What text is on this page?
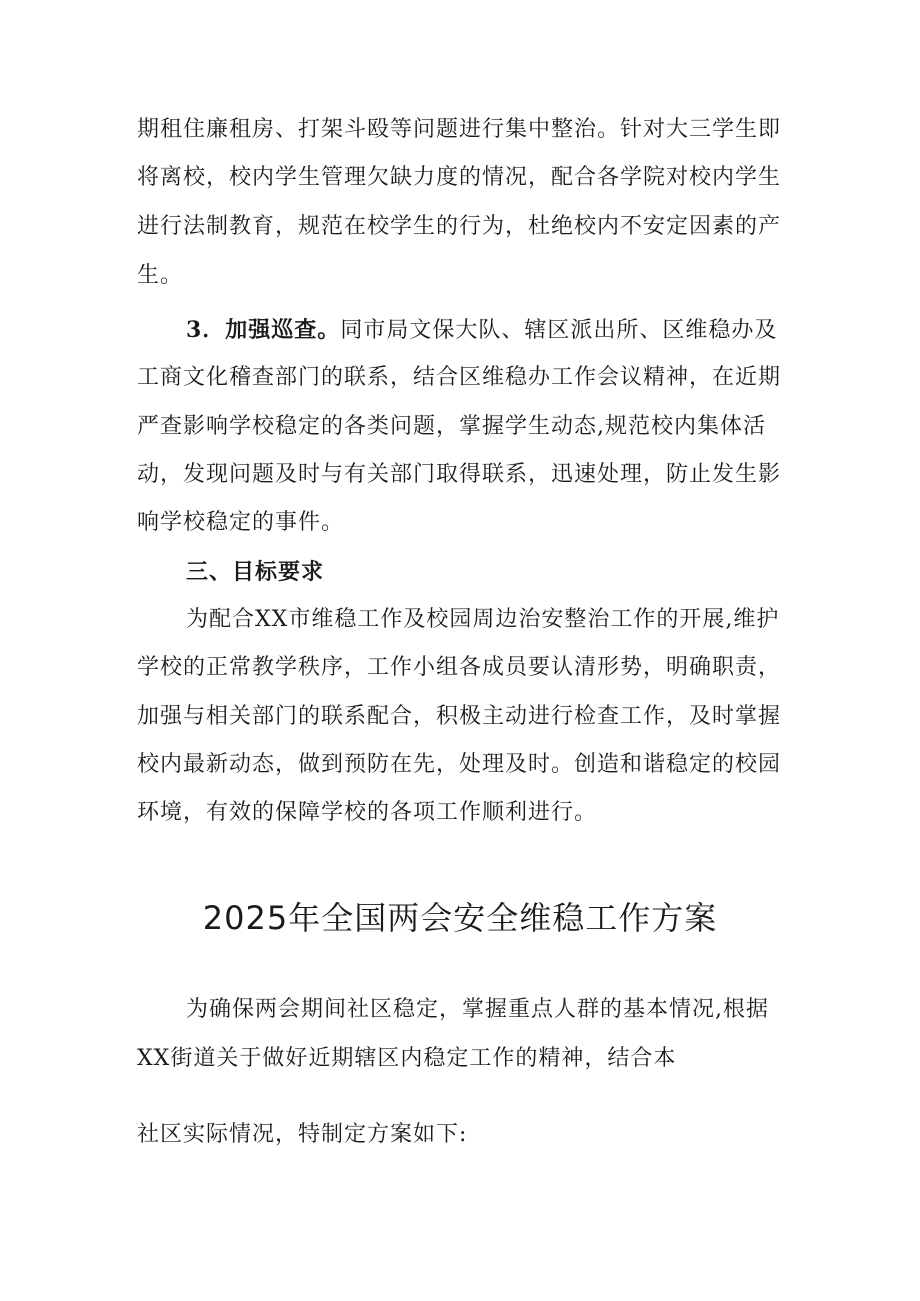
期租住廉租房、打架斗殴等问题进行集中整治。针对大三学生即
将离校，校内学生管理欠缺力度的情况，配合各学院对校内学生
进行法制教育，规范在校学生的行为，杜绝校内不安定因素的产
生。
3．加强巡查。同市局文保大队、辖区派出所、区维稳办及
工商文化稽查部门的联系，结合区维稳办工作会议精神，在近期
严查影响学校稳定的各类问题，掌握学生动态,规范校内集体活
动，发现问题及时与有关部门取得联系，迅速处理，防止发生影
响学校稳定的事件。
三、目标要求
为配合XX市维稳工作及校园周边治安整治工作的开展,维护
学校的正常教学秩序，工作小组各成员要认清形势，明确职责，
加强与相关部门的联系配合，积极主动进行检查工作，及时掌握
校内最新动态，做到预防在先，处理及时。创造和谐稳定的校园
环境，有效的保障学校的各项工作顺利进行。
2025年全国两会安全维稳工作方案
为确保两会期间社区稳定，掌握重点人群的基本情况,根据
XX街道关于做好近期辖区内稳定工作的精神，结合本
社区实际情况，特制定方案如下:
